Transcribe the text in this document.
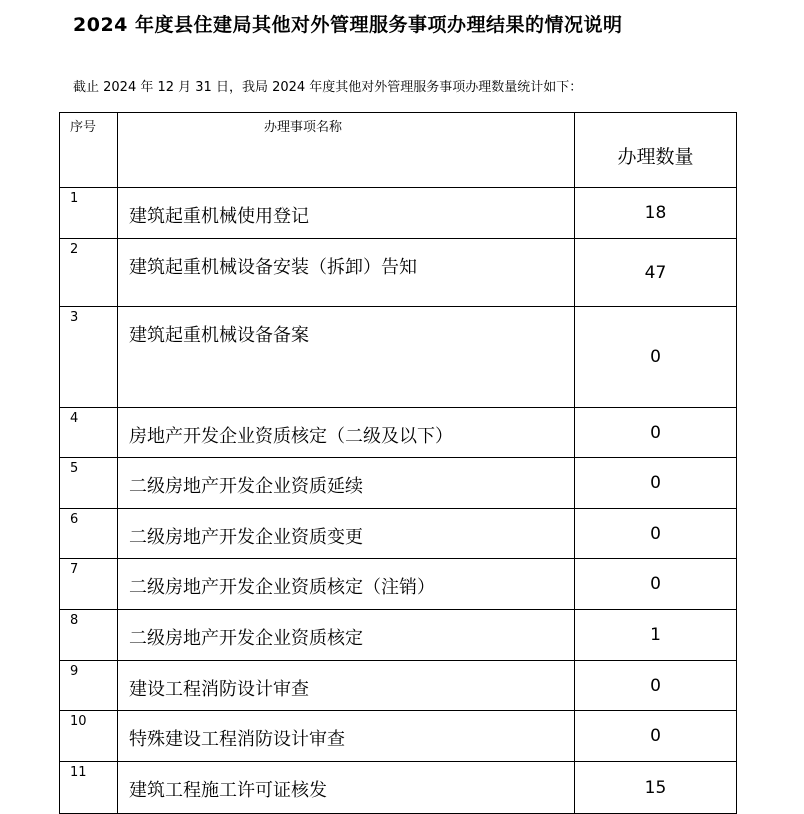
2024 年度县住建局其他对外管理服务事项办理结果的情况说明
截止 2024 年 12 月 31 日，我局 2024 年度其他对外管理服务事项办理数量统计如下：
序号	办理事项名称	办理数量
1	建筑起重机械使用登记	18
2	建筑起重机械设备安装（拆卸）告知	47
3	建筑起重机械设备备案	0
4	房地产开发企业资质核定（二级及以下）	0
5	二级房地产开发企业资质延续	0
6	二级房地产开发企业资质变更	0
7	二级房地产开发企业资质核定（注销）	0
8	二级房地产开发企业资质核定	1
9	建设工程消防设计审查	0
10	特殊建设工程消防设计审查	0
11	建筑工程施工许可证核发	15
